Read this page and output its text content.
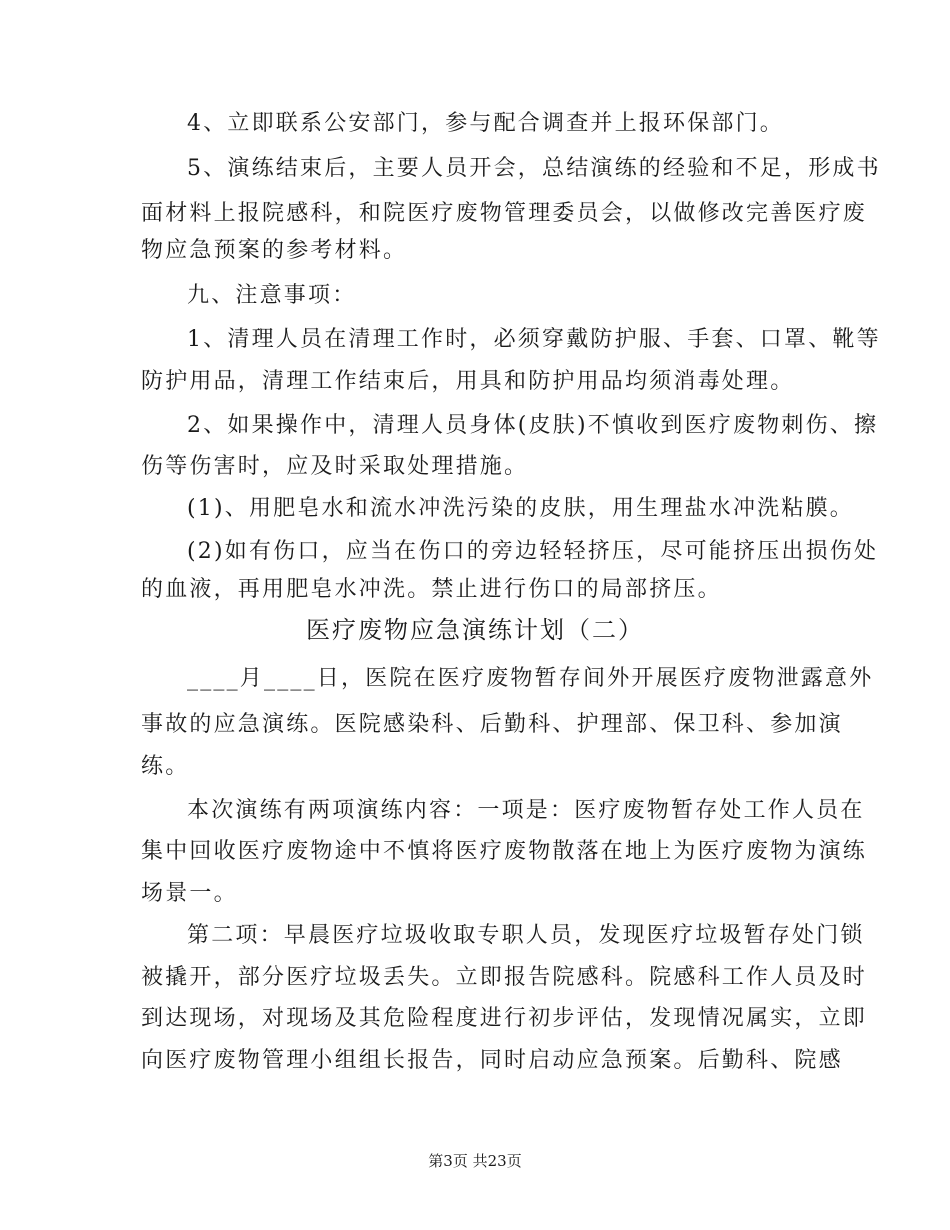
4、立即联系公安部门，参与配合调查并上报环保部门。
5、演练结束后，主要人员开会，总结演练的经验和不足，形成书
面材料上报院感科，和院医疗废物管理委员会，以做修改完善医疗废
物应急预案的参考材料。
九、注意事项：
1、清理人员在清理工作时，必须穿戴防护服、手套、口罩、靴等
防护用品，清理工作结束后，用具和防护用品均须消毒处理。
2、如果操作中，清理人员身体(皮肤)不慎收到医疗废物刺伤、擦
伤等伤害时，应及时采取处理措施。
(1)、用肥皂水和流水冲洗污染的皮肤，用生理盐水冲洗粘膜。
(2)如有伤口，应当在伤口的旁边轻轻挤压，尽可能挤压出损伤处
的血液，再用肥皂水冲洗。禁止进行伤口的局部挤压。
医疗废物应急演练计划（二）
____月____日，医院在医疗废物暂存间外开展医疗废物泄露意外
事故的应急演练。医院感染科、后勤科、护理部、保卫科、参加演
练。
本次演练有两项演练内容：一项是：医疗废物暂存处工作人员在
集中回收医疗废物途中不慎将医疗废物散落在地上为医疗废物为演练
场景一。
第二项：早晨医疗垃圾收取专职人员，发现医疗垃圾暂存处门锁
被撬开，部分医疗垃圾丢失。立即报告院感科。院感科工作人员及时
到达现场，对现场及其危险程度进行初步评估，发现情况属实，立即
向医疗废物管理小组组长报告，同时启动应急预案。后勤科、院感
第3页 共23页
